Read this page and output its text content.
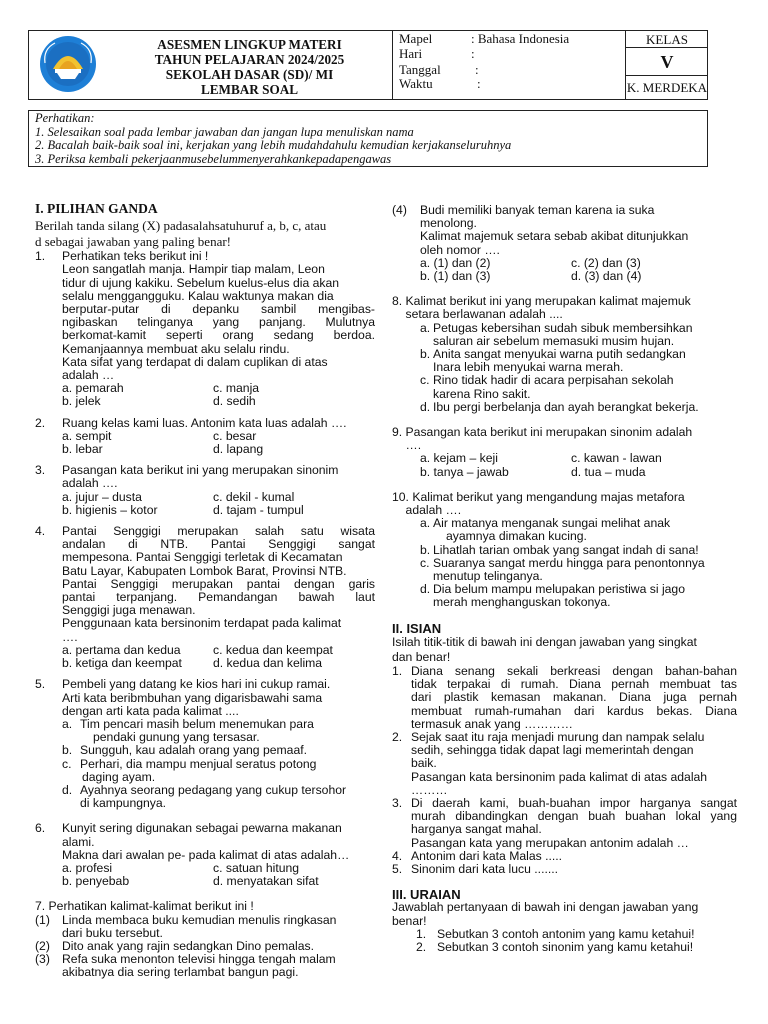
ASESMEN LINGKUP MATERI
TAHUN PELAJARAN 2024/2025
SEKOLAH DASAR (SD)/ MI
LEMBAR SOAL
Mapel	: Bahasa Indonesia
Hari	:
Tanggal	:
Waktu	:
KELAS
V
K. MERDEKA
Perhatikan:
1. Selesaikan soal pada lembar jawaban dan jangan lupa menuliskan nama
2. Bacalah baik-baik soal ini, kerjakan yang lebih mudahdahulu kemudian kerjakanseluruhnya
3. Periksa kembali pekerjaanmusebelummenyerahkankepadapengawas
I. PILIHAN GANDA
Berilah tanda silang (X) padasalahsatuhuruf a, b, c, atau
d sebagai jawaban yang paling benar!
1. Perhatikan teks berikut ini !
Leon sangatlah manja. Hampir tiap malam, Leon
tidur di ujung kakiku. Sebelum kuelus-elus dia akan
selalu menggangguku. Kalau waktunya makan dia
berputar-putar di depanku sambil mengibas-
ngibaskan telinganya yang panjang. Mulutnya
berkomat-kamit seperti orang sedang berdoa.
Kemanjaannya membuat aku selalu rindu.
Kata sifat yang terdapat di dalam cuplikan di atas
adalah …
a. pemarah	c. manja
b. jelek	d. sedih
2. Ruang kelas kami luas. Antonim kata luas adalah ….
a. sempit	c. besar
b. lebar	d. lapang
3. Pasangan kata berikut ini yang merupakan sinonim
adalah ….
a. jujur – dusta	c. dekil - kumal
b. higienis – kotor	d. tajam - tumpul
4. Pantai Senggigi merupakan salah satu wisata
andalan di NTB. Pantai Senggigi sangat
mempesona. Pantai Senggigi terletak di Kecamatan
Batu Layar, Kabupaten Lombok Barat, Provinsi NTB.
Pantai Senggigi merupakan pantai dengan garis
pantai terpanjang. Pemandangan bawah laut
Senggigi juga menawan.
Penggunaan kata bersinonim terdapat pada kalimat
….
a. pertama dan kedua	c. kedua dan keempat
b. ketiga dan keempat	d. kedua dan kelima
5. Pembeli yang datang ke kios hari ini cukup ramai.
Arti kata beribmbuhan yang digarisbawahi sama
dengan arti kata pada kalimat ....
a. Tim pencari masih belum menemukan para
pendaki gunung yang tersasar.
b. Sungguh, kau adalah orang yang pemaaf.
c. Perhari, dia mampu menjual seratus potong
daging ayam.
d. Ayahnya seorang pedagang yang cukup tersohor
di kampungnya.
6. Kunyit sering digunakan sebagai pewarna makanan
alami.
Makna dari awalan pe- pada kalimat di atas adalah…
a. profesi	c. satuan hitung
b. penyebab	d. menyatakan sifat
7. Perhatikan kalimat-kalimat berikut ini !
(1) Linda membaca buku kemudian menulis ringkasan
dari buku tersebut.
(2) Dito anak yang rajin sedangkan Dino pemalas.
(3) Refa suka menonton televisi hingga tengah malam
akibatnya dia sering terlambat bangun pagi.
(4) Budi memiliki banyak teman karena ia suka
menolong.
Kalimat majemuk setara sebab akibat ditunjukkan
oleh nomor ….
a. (1) dan (2)	c. (2) dan (3)
b. (1) dan (3)	d. (3) dan (4)
8. Kalimat berikut ini yang merupakan kalimat majemuk
setara berlawanan adalah ....
a. Petugas kebersihan sudah sibuk membersihkan
saluran air sebelum memasuki musim hujan.
b. Anita sangat menyukai warna putih sedangkan
Inara lebih menyukai warna merah.
c. Rino tidak hadir di acara perpisahan sekolah
karena Rino sakit.
d. Ibu pergi berbelanja dan ayah berangkat bekerja.
9. Pasangan kata berikut ini merupakan sinonim adalah
….
a. kejam – keji	c. kawan - lawan
b. tanya – jawab	d. tua – muda
10. Kalimat berikut yang mengandung majas metafora
adalah ….
a. Air matanya menganak sungai melihat anak
ayamnya dimakan kucing.
b. Lihatlah tarian ombak yang sangat indah di sana!
c. Suaranya sangat merdu hingga para penontonnya
menutup telinganya.
d. Dia belum mampu melupakan peristiwa si jago
merah menghanguskan tokonya.
II. ISIAN
Isilah titik-titik di bawah ini dengan jawaban yang singkat
dan benar!
1. Diana senang sekali berkreasi dengan bahan-bahan
tidak terpakai di rumah. Diana pernah membuat tas
dari plastik kemasan makanan. Diana juga pernah
membuat rumah-rumahan dari kardus bekas. Diana
termasuk anak yang …………
2. Sejak saat itu raja menjadi murung dan nampak selalu
sedih, sehingga tidak dapat lagi memerintah dengan
baik.
Pasangan kata bersinonim pada kalimat di atas adalah
………
3. Di daerah kami, buah-buahan impor harganya sangat
murah dibandingkan dengan buah buahan lokal yang
harganya sangat mahal.
Pasangan kata yang merupakan antonim adalah …
4. Antonim dari kata Malas .....
5. Sinonim dari kata lucu .......
III. URAIAN
Jawablah pertanyaan di bawah ini dengan jawaban yang
benar!
1. Sebutkan 3 contoh antonim yang kamu ketahui!
2. Sebutkan 3 contoh sinonim yang kamu ketahui!
